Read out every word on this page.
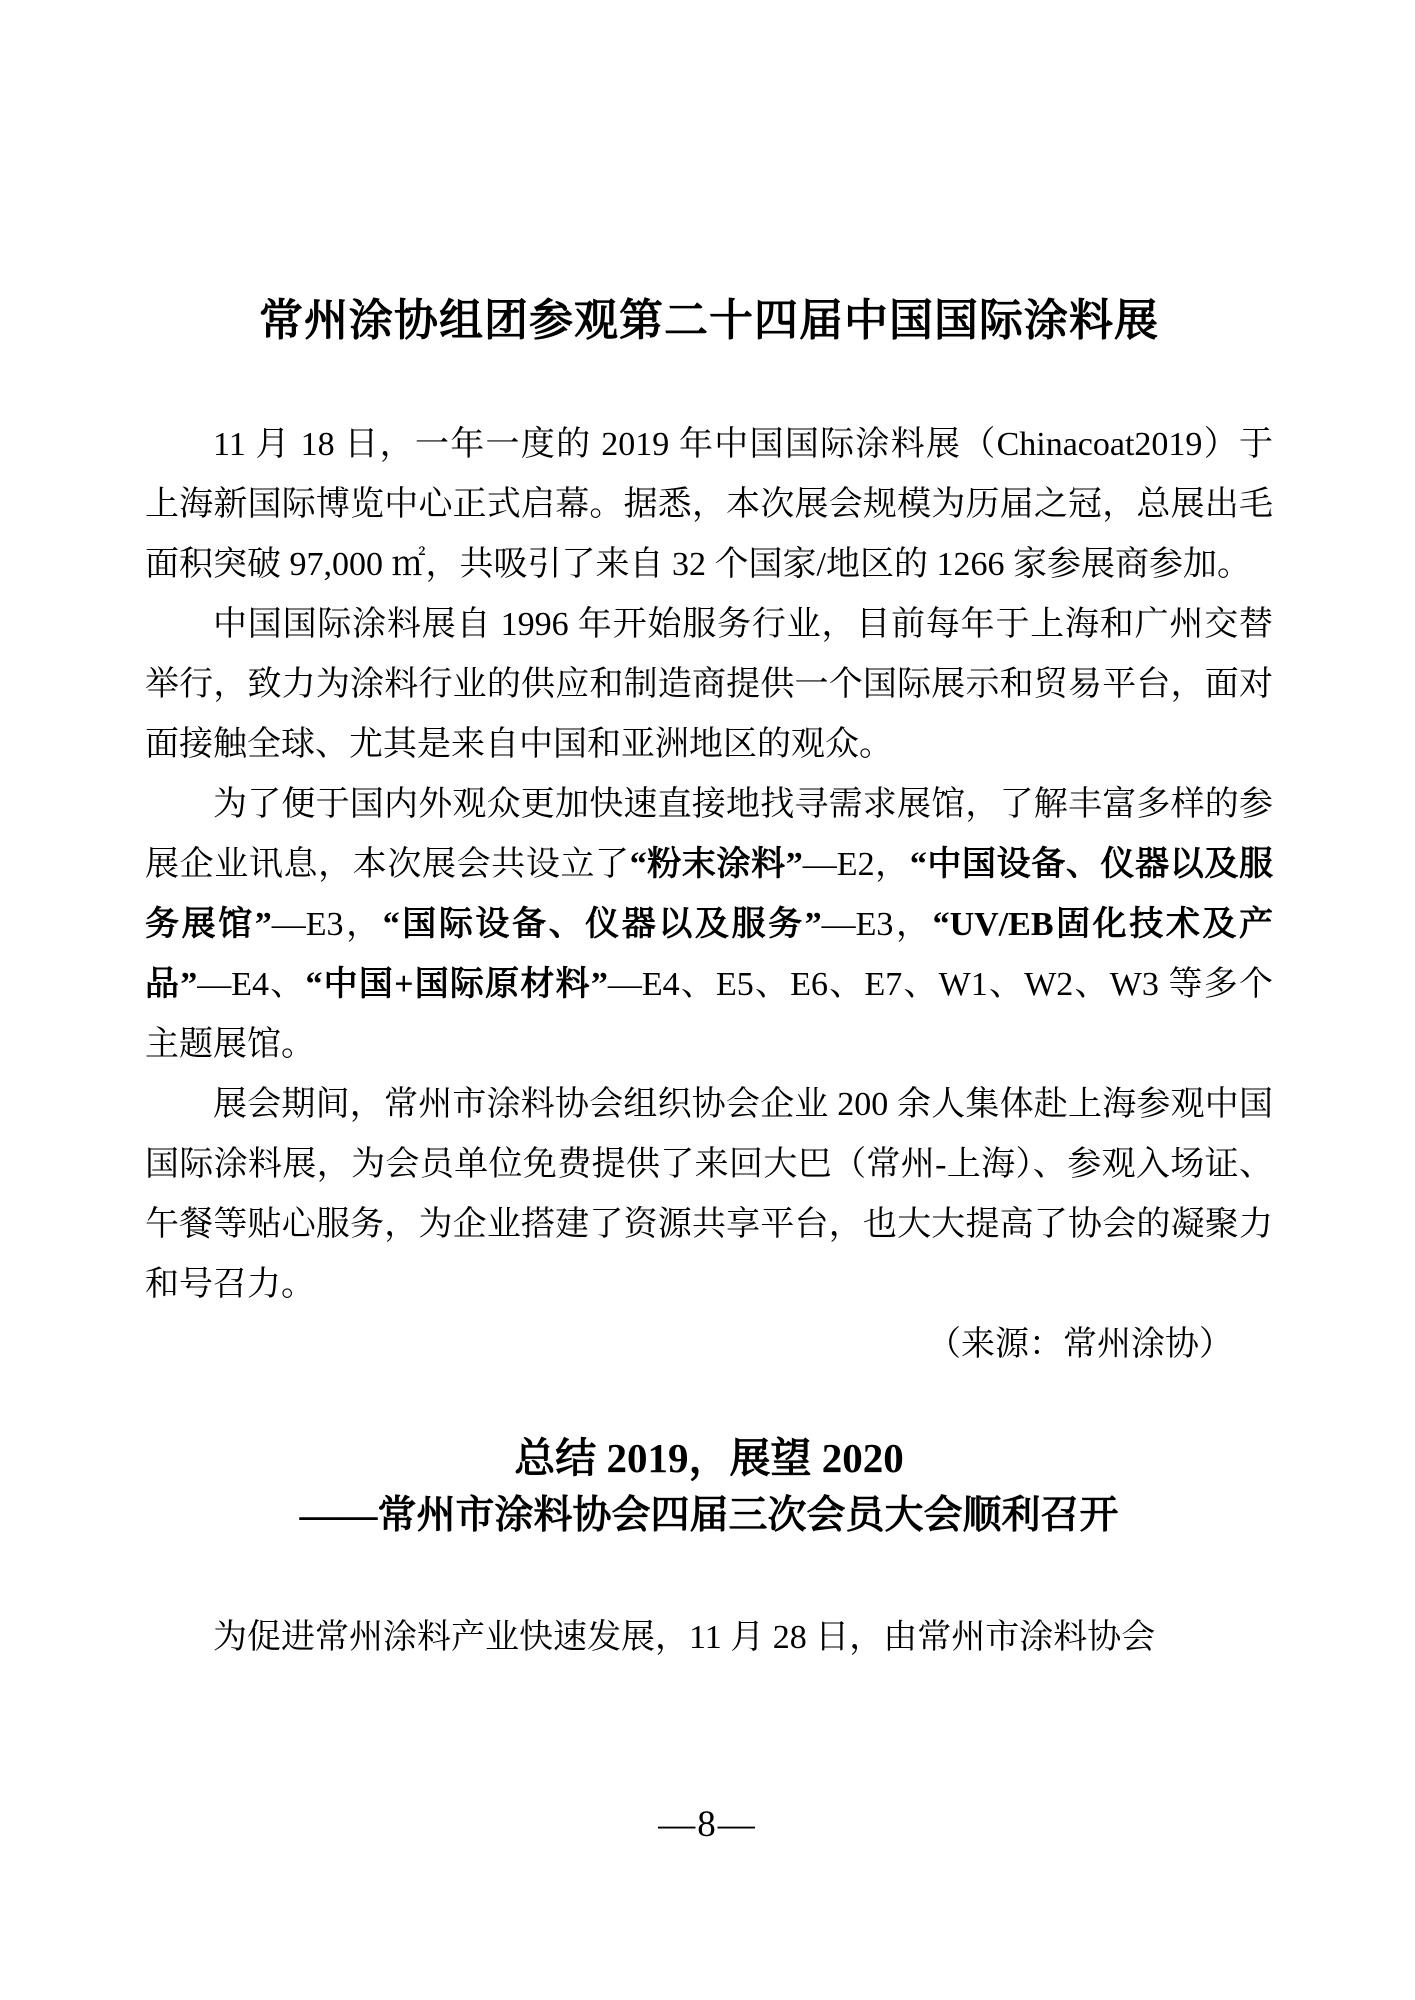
常州涂协组团参观第二十四届中国国际涂料展

11 月 18 日，一年一度的 2019 年中国国际涂料展（Chinacoat2019）于上海新国际博览中心正式启幕。据悉，本次展会规模为历届之冠，总展出毛面积突破 97,000 ㎡，共吸引了来自 32 个国家/地区的 1266 家参展商参加。

中国国际涂料展自 1996 年开始服务行业，目前每年于上海和广州交替举行，致力为涂料行业的供应和制造商提供一个国际展示和贸易平台，面对面接触全球、尤其是来自中国和亚洲地区的观众。

为了便于国内外观众更加快速直接地找寻需求展馆，了解丰富多样的参展企业讯息，本次展会共设立了“粉末涂料”—E2，“中国设备、仪器以及服务展馆”—E3，“国际设备、仪器以及服务”—E3，“UV/EB固化技术及产品”—E4、“中国+国际原材料”—E4、E5、E6、E7、W1、W2、W3 等多个主题展馆。

展会期间，常州市涂料协会组织协会企业 200 余人集体赴上海参观中国国际涂料展，为会员单位免费提供了来回大巴（常州-上海）、参观入场证、午餐等贴心服务，为企业搭建了资源共享平台，也大大提高了协会的凝聚力和号召力。

（来源：常州涂协）

总结 2019，展望 2020
——常州市涂料协会四届三次会员大会顺利召开

为促进常州涂料产业快速发展，11 月 28 日，由常州市涂料协会

—8—
